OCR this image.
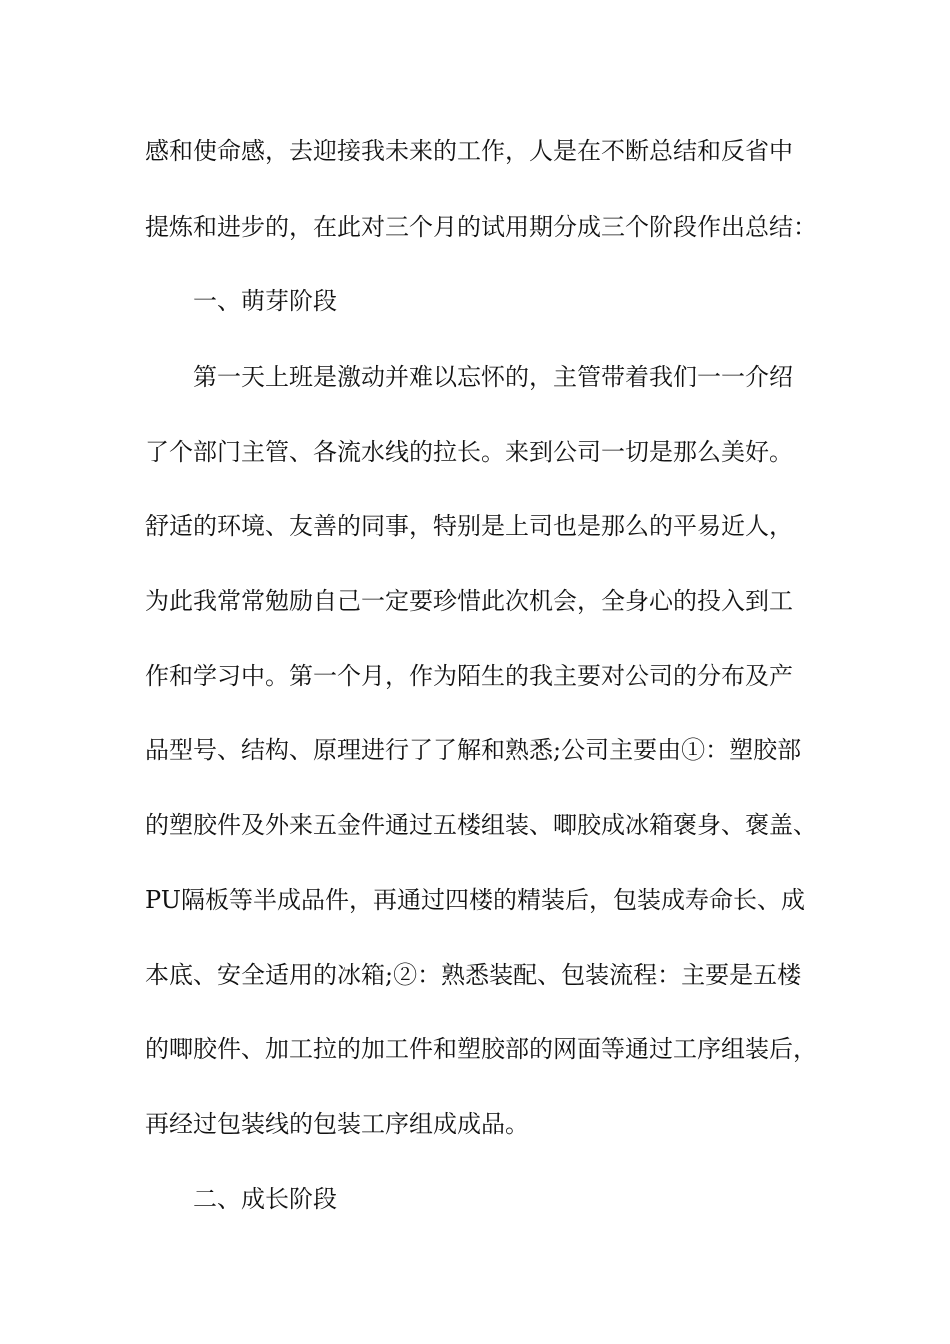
感和使命感，去迎接我未来的工作，人是在不断总结和反省中
提炼和进步的，在此对三个月的试用期分成三个阶段作出总结：
一、萌芽阶段
第一天上班是激动并难以忘怀的，主管带着我们一一介绍
了个部门主管、各流水线的拉长。来到公司一切是那么美好。
舒适的环境、友善的同事，特别是上司也是那么的平易近人，
为此我常常勉励自己一定要珍惜此次机会，全身心的投入到工
作和学习中。第一个月，作为陌生的我主要对公司的分布及产
品型号、结构、原理进行了了解和熟悉;公司主要由①：塑胶部
的塑胶件及外来五金件通过五楼组装、唧胶成冰箱褒身、褒盖、
PU隔板等半成品件，再通过四楼的精装后，包装成寿命长、成
本底、安全适用的冰箱;②：熟悉装配、包装流程：主要是五楼
的唧胶件、加工拉的加工件和塑胶部的网面等通过工序组装后，
再经过包装线的包装工序组成成品。
二、成长阶段
